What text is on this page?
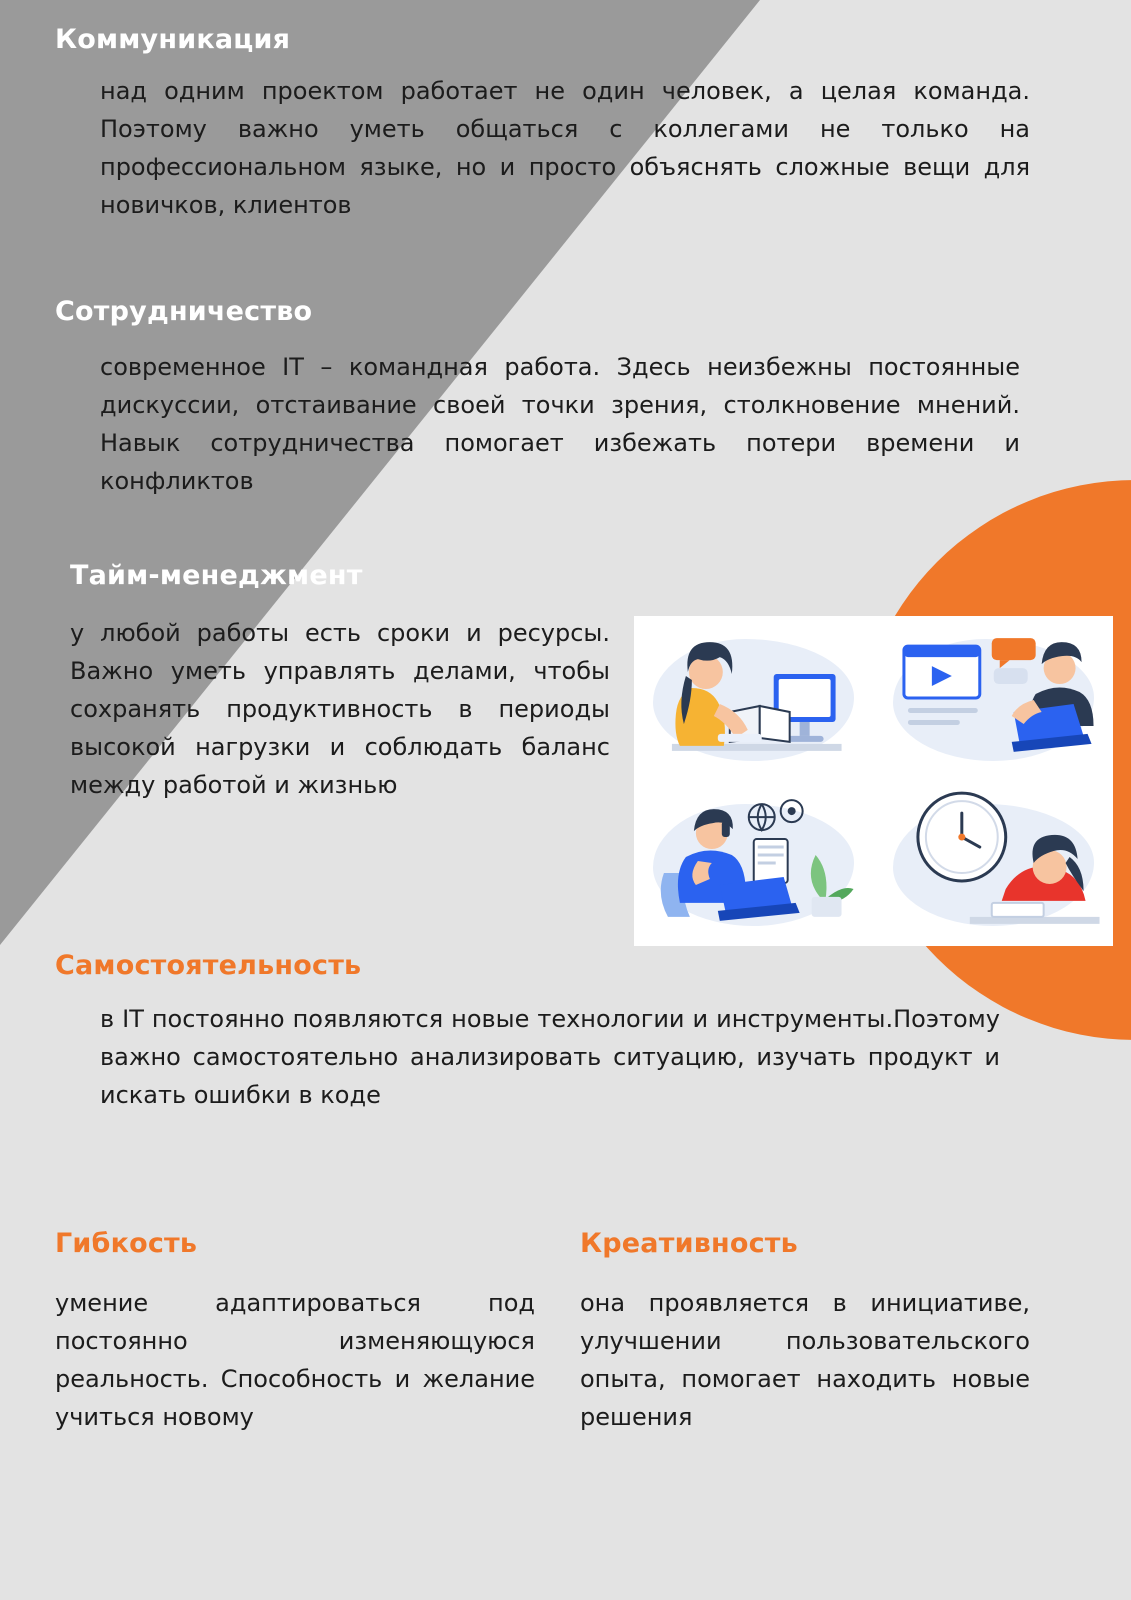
Коммуникация

над одним проектом работает не один человек, а целая команда. Поэтому важно уметь общаться с коллегами не только на профессиональном языке, но и просто объяснять сложные вещи для новичков, клиентов

Сотрудничество

современное IT – командная работа. Здесь неизбежны постоянные дискуссии, отстаивание своей точки зрения, столкновение мнений. Навык сотрудничества помогает избежать потери времени и конфликтов

Тайм-менеджмент

у любой работы есть сроки и ресурсы. Важно уметь управлять делами, чтобы сохранять продуктивность в периоды высокой нагрузки и соблюдать баланс между работой и жизнью

Самостоятельность

в IT постоянно появляются новые технологии и инструменты.Поэтому важно самостоятельно анализировать ситуацию, изучать продукт и искать ошибки в коде

Гибкость

умение адаптироваться под постоянно изменяющуюся реальность. Способность и желание учиться новому

Креативность

она проявляется в инициативе, улучшении пользовательского опыта, помогает находить новые решения
